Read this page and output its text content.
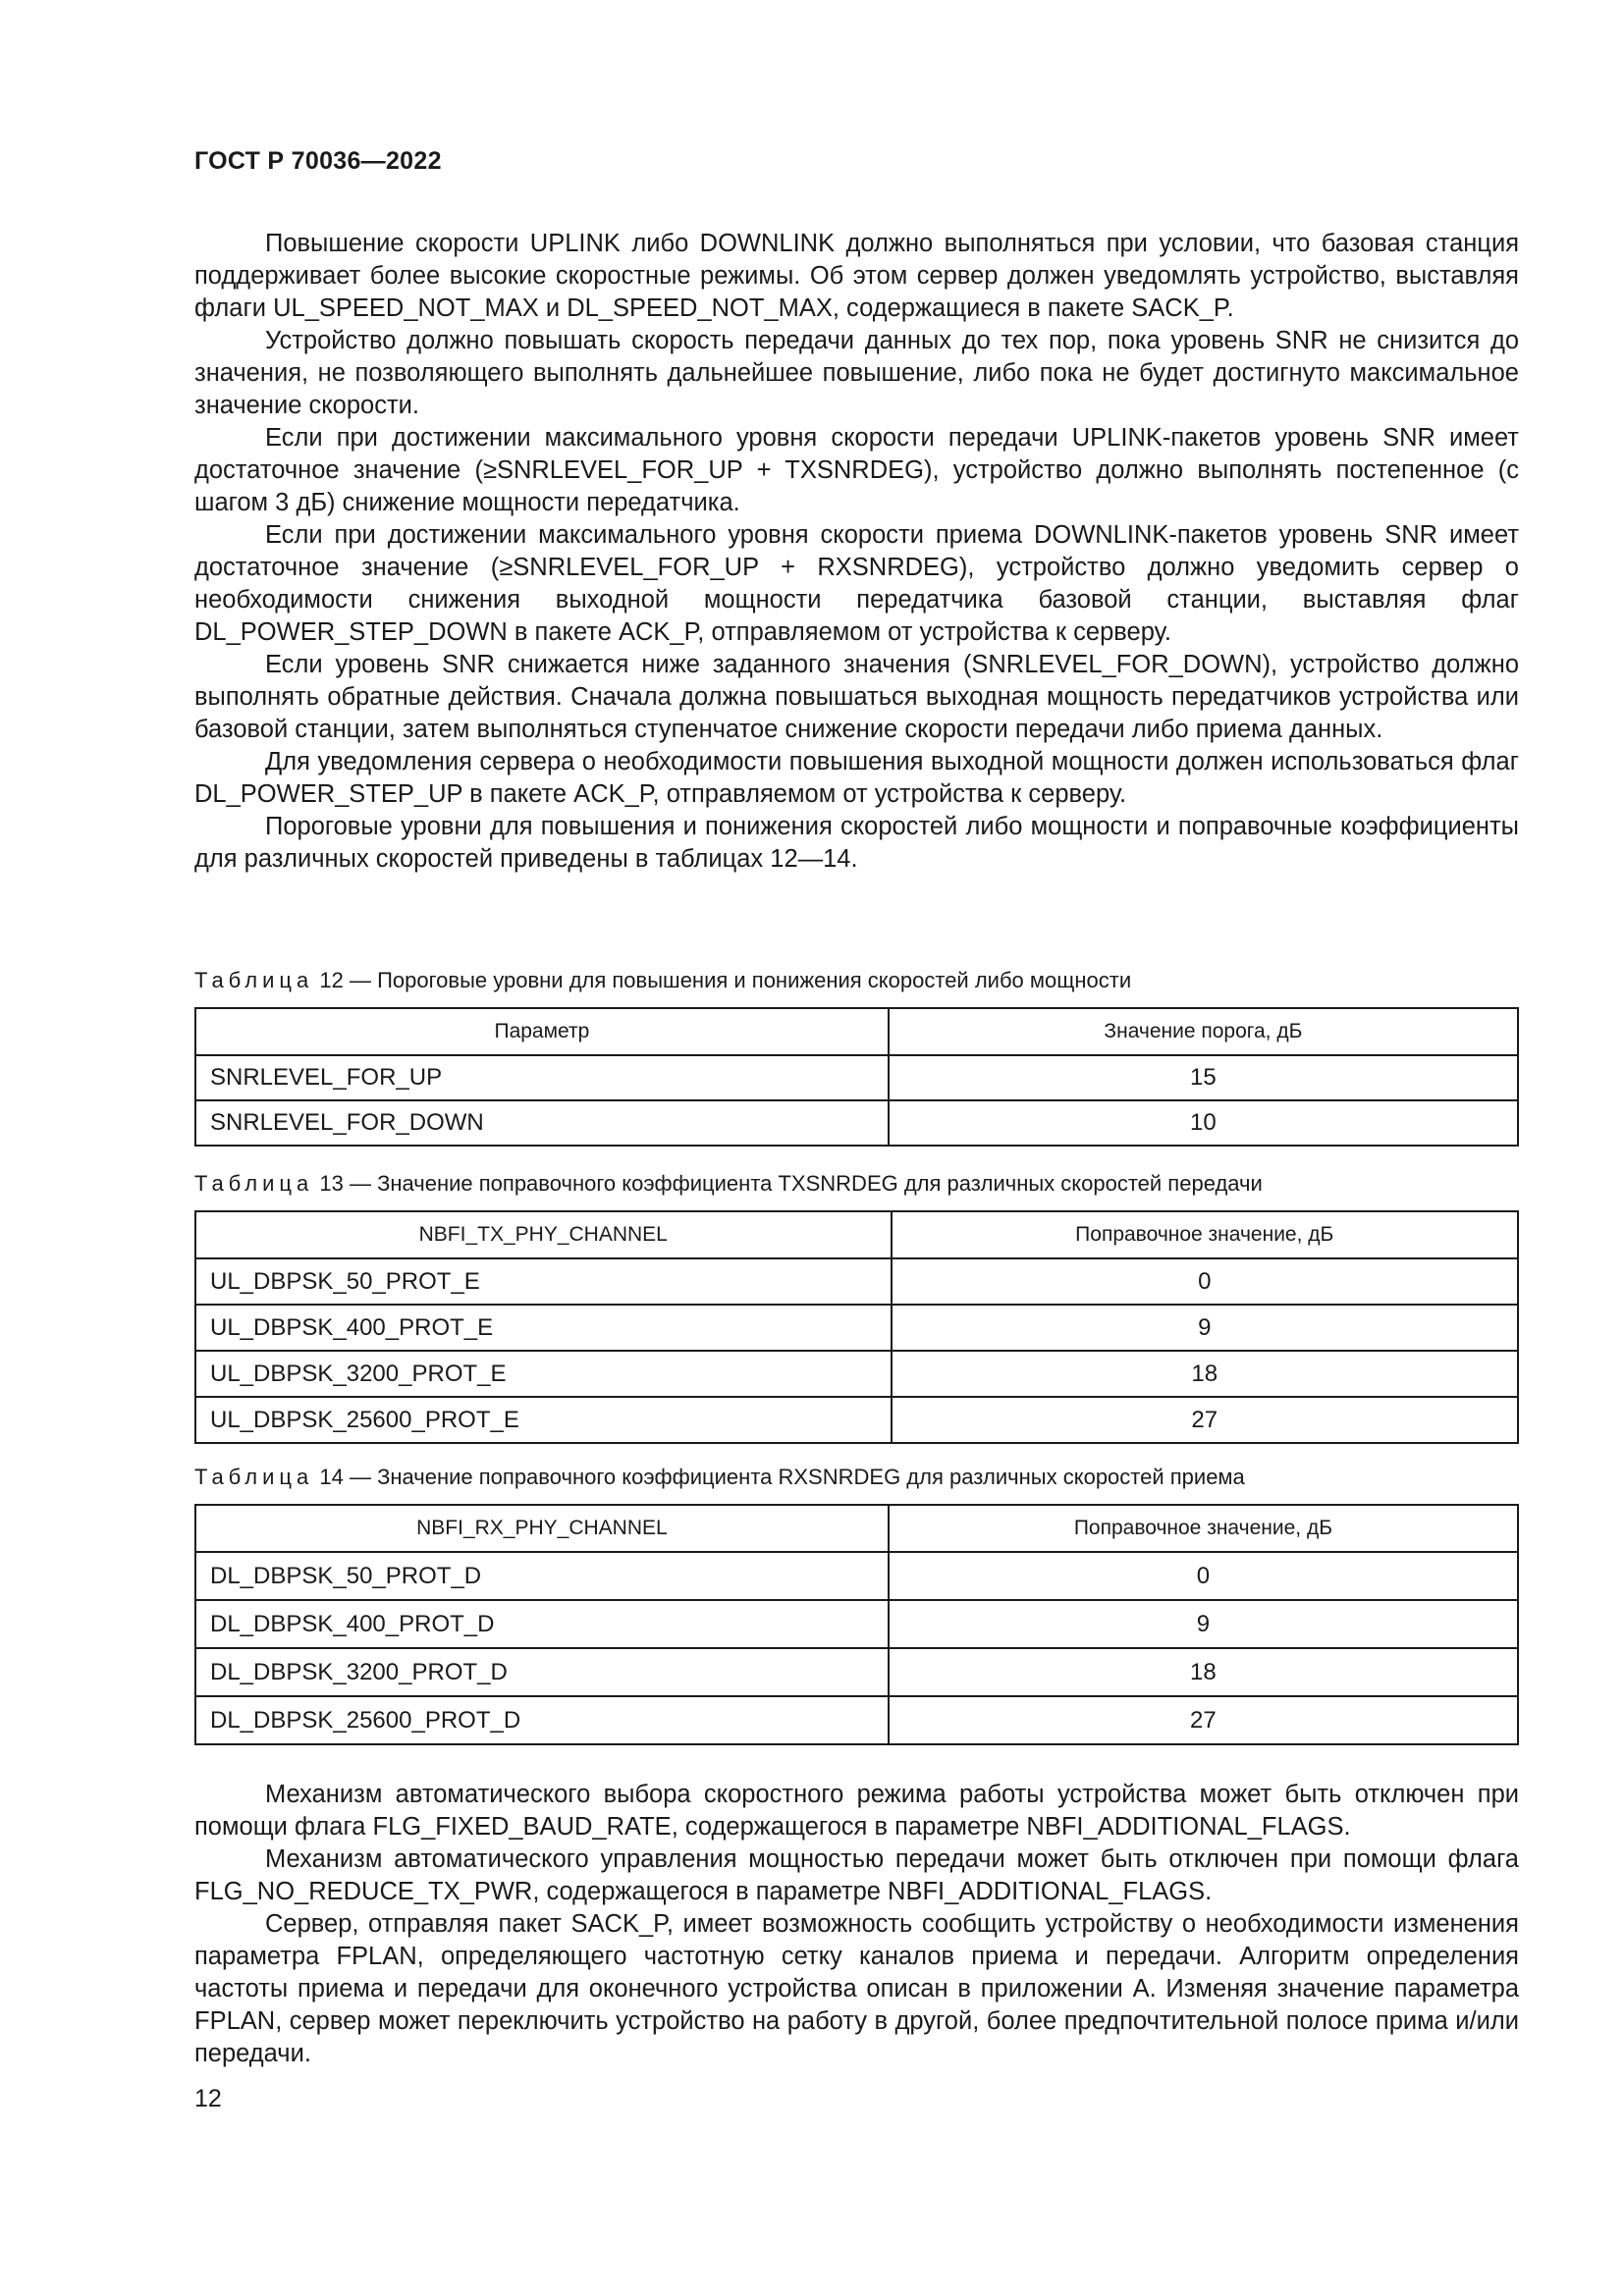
ГОСТ Р 70036—2022

Повышение скорости UPLINK либо DOWNLINK должно выполняться при условии, что базовая станция поддерживает более высокие скоростные режимы. Об этом сервер должен уведомлять устройство, выставляя флаги UL_SPEED_NOT_MAX и DL_SPEED_NOT_MAX, содержащиеся в пакете SACK_P.

Устройство должно повышать скорость передачи данных до тех пор, пока уровень SNR не снизится до значения, не позволяющего выполнять дальнейшее повышение, либо пока не будет достигнуто максимальное значение скорости.

Если при достижении максимального уровня скорости передачи UPLINK-пакетов уровень SNR имеет достаточное значение (≥SNRLEVEL_FOR_UP + TXSNRDEG), устройство должно выполнять постепенное (с шагом 3 дБ) снижение мощности передатчика.

Если при достижении максимального уровня скорости приема DOWNLINK-пакетов уровень SNR имеет достаточное значение (≥SNRLEVEL_FOR_UP + RXSNRDEG), устройство должно уведомить сервер о необходимости снижения выходной мощности передатчика базовой станции, выставляя флаг DL_POWER_STEP_DOWN в пакете ACK_P, отправляемом от устройства к серверу.

Если уровень SNR снижается ниже заданного значения (SNRLEVEL_FOR_DOWN), устройство должно выполнять обратные действия. Сначала должна повышаться выходная мощность передатчиков устройства или базовой станции, затем выполняться ступенчатое снижение скорости передачи либо приема данных.

Для уведомления сервера о необходимости повышения выходной мощности должен использоваться флаг DL_POWER_STEP_UP в пакете ACK_P, отправляемом от устройства к серверу.

Пороговые уровни для повышения и понижения скоростей либо мощности и поправочные коэффициенты для различных скоростей приведены в таблицах 12—14.

Таблица 12 — Пороговые уровни для повышения и понижения скоростей либо мощности

Параметр	Значение порога, дБ
SNRLEVEL_FOR_UP	15
SNRLEVEL_FOR_DOWN	10

Таблица 13 — Значение поправочного коэффициента TXSNRDEG для различных скоростей передачи

NBFI_TX_PHY_CHANNEL	Поправочное значение, дБ
UL_DBPSK_50_PROT_E	0
UL_DBPSK_400_PROT_E	9
UL_DBPSK_3200_PROT_E	18
UL_DBPSK_25600_PROT_E	27

Таблица 14 — Значение поправочного коэффициента RXSNRDEG для различных скоростей приема

NBFI_RX_PHY_CHANNEL	Поправочное значение, дБ
DL_DBPSK_50_PROT_D	0
DL_DBPSK_400_PROT_D	9
DL_DBPSK_3200_PROT_D	18
DL_DBPSK_25600_PROT_D	27

Механизм автоматического выбора скоростного режима работы устройства может быть отключен при помощи флага FLG_FIXED_BAUD_RATE, содержащегося в параметре NBFI_ADDITIONAL_FLAGS.

Механизм автоматического управления мощностью передачи может быть отключен при помощи флага FLG_NO_REDUCE_TX_PWR, содержащегося в параметре NBFI_ADDITIONAL_FLAGS.

Сервер, отправляя пакет SACK_P, имеет возможность сообщить устройству о необходимости изменения параметра FPLAN, определяющего частотную сетку каналов приема и передачи. Алгоритм определения частоты приема и передачи для оконечного устройства описан в приложении А. Изменяя значение параметра FPLAN, сервер может переключить устройство на работу в другой, более предпочтительной полосе прима и/или передачи.

12
